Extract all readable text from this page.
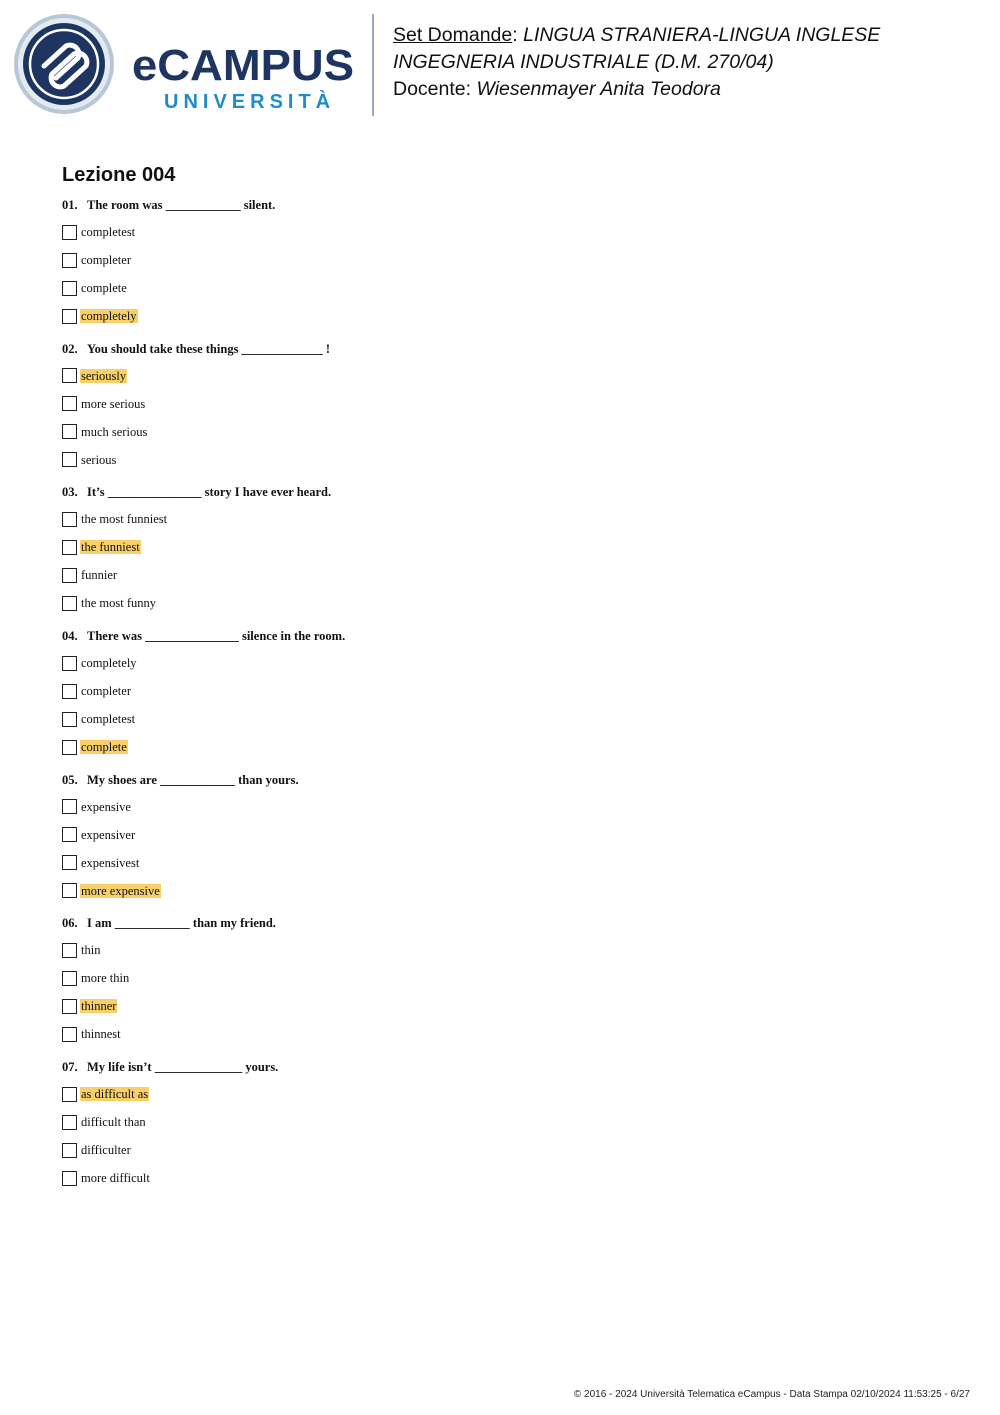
eCAMPUS
UNIVERSITÀ
Set Domande: LINGUA STRANIERA-LINGUA INGLESE
INGEGNERIA INDUSTRIALE (D.M. 270/04)
Docente: Wiesenmayer Anita Teodora
Lezione 004
01. The room was ____________ silent.
completest
completer
complete
completely
02. You should take these things _____________ !
seriously
more serious
much serious
serious
03. It’s _______________ story I have ever heard.
the most funniest
the funniest
funnier
the most funny
04. There was _______________ silence in the room.
completely
completer
completest
complete
05. My shoes are ____________ than yours.
expensive
expensiver
expensivest
more expensive
06. I am ____________ than my friend.
thin
more thin
thinner
thinnest
07. My life isn’t ______________ yours.
as difficult as
difficult than
difficulter
more difficult
© 2016 - 2024 Università Telematica eCampus - Data Stampa 02/10/2024 11:53:25 - 6/27
